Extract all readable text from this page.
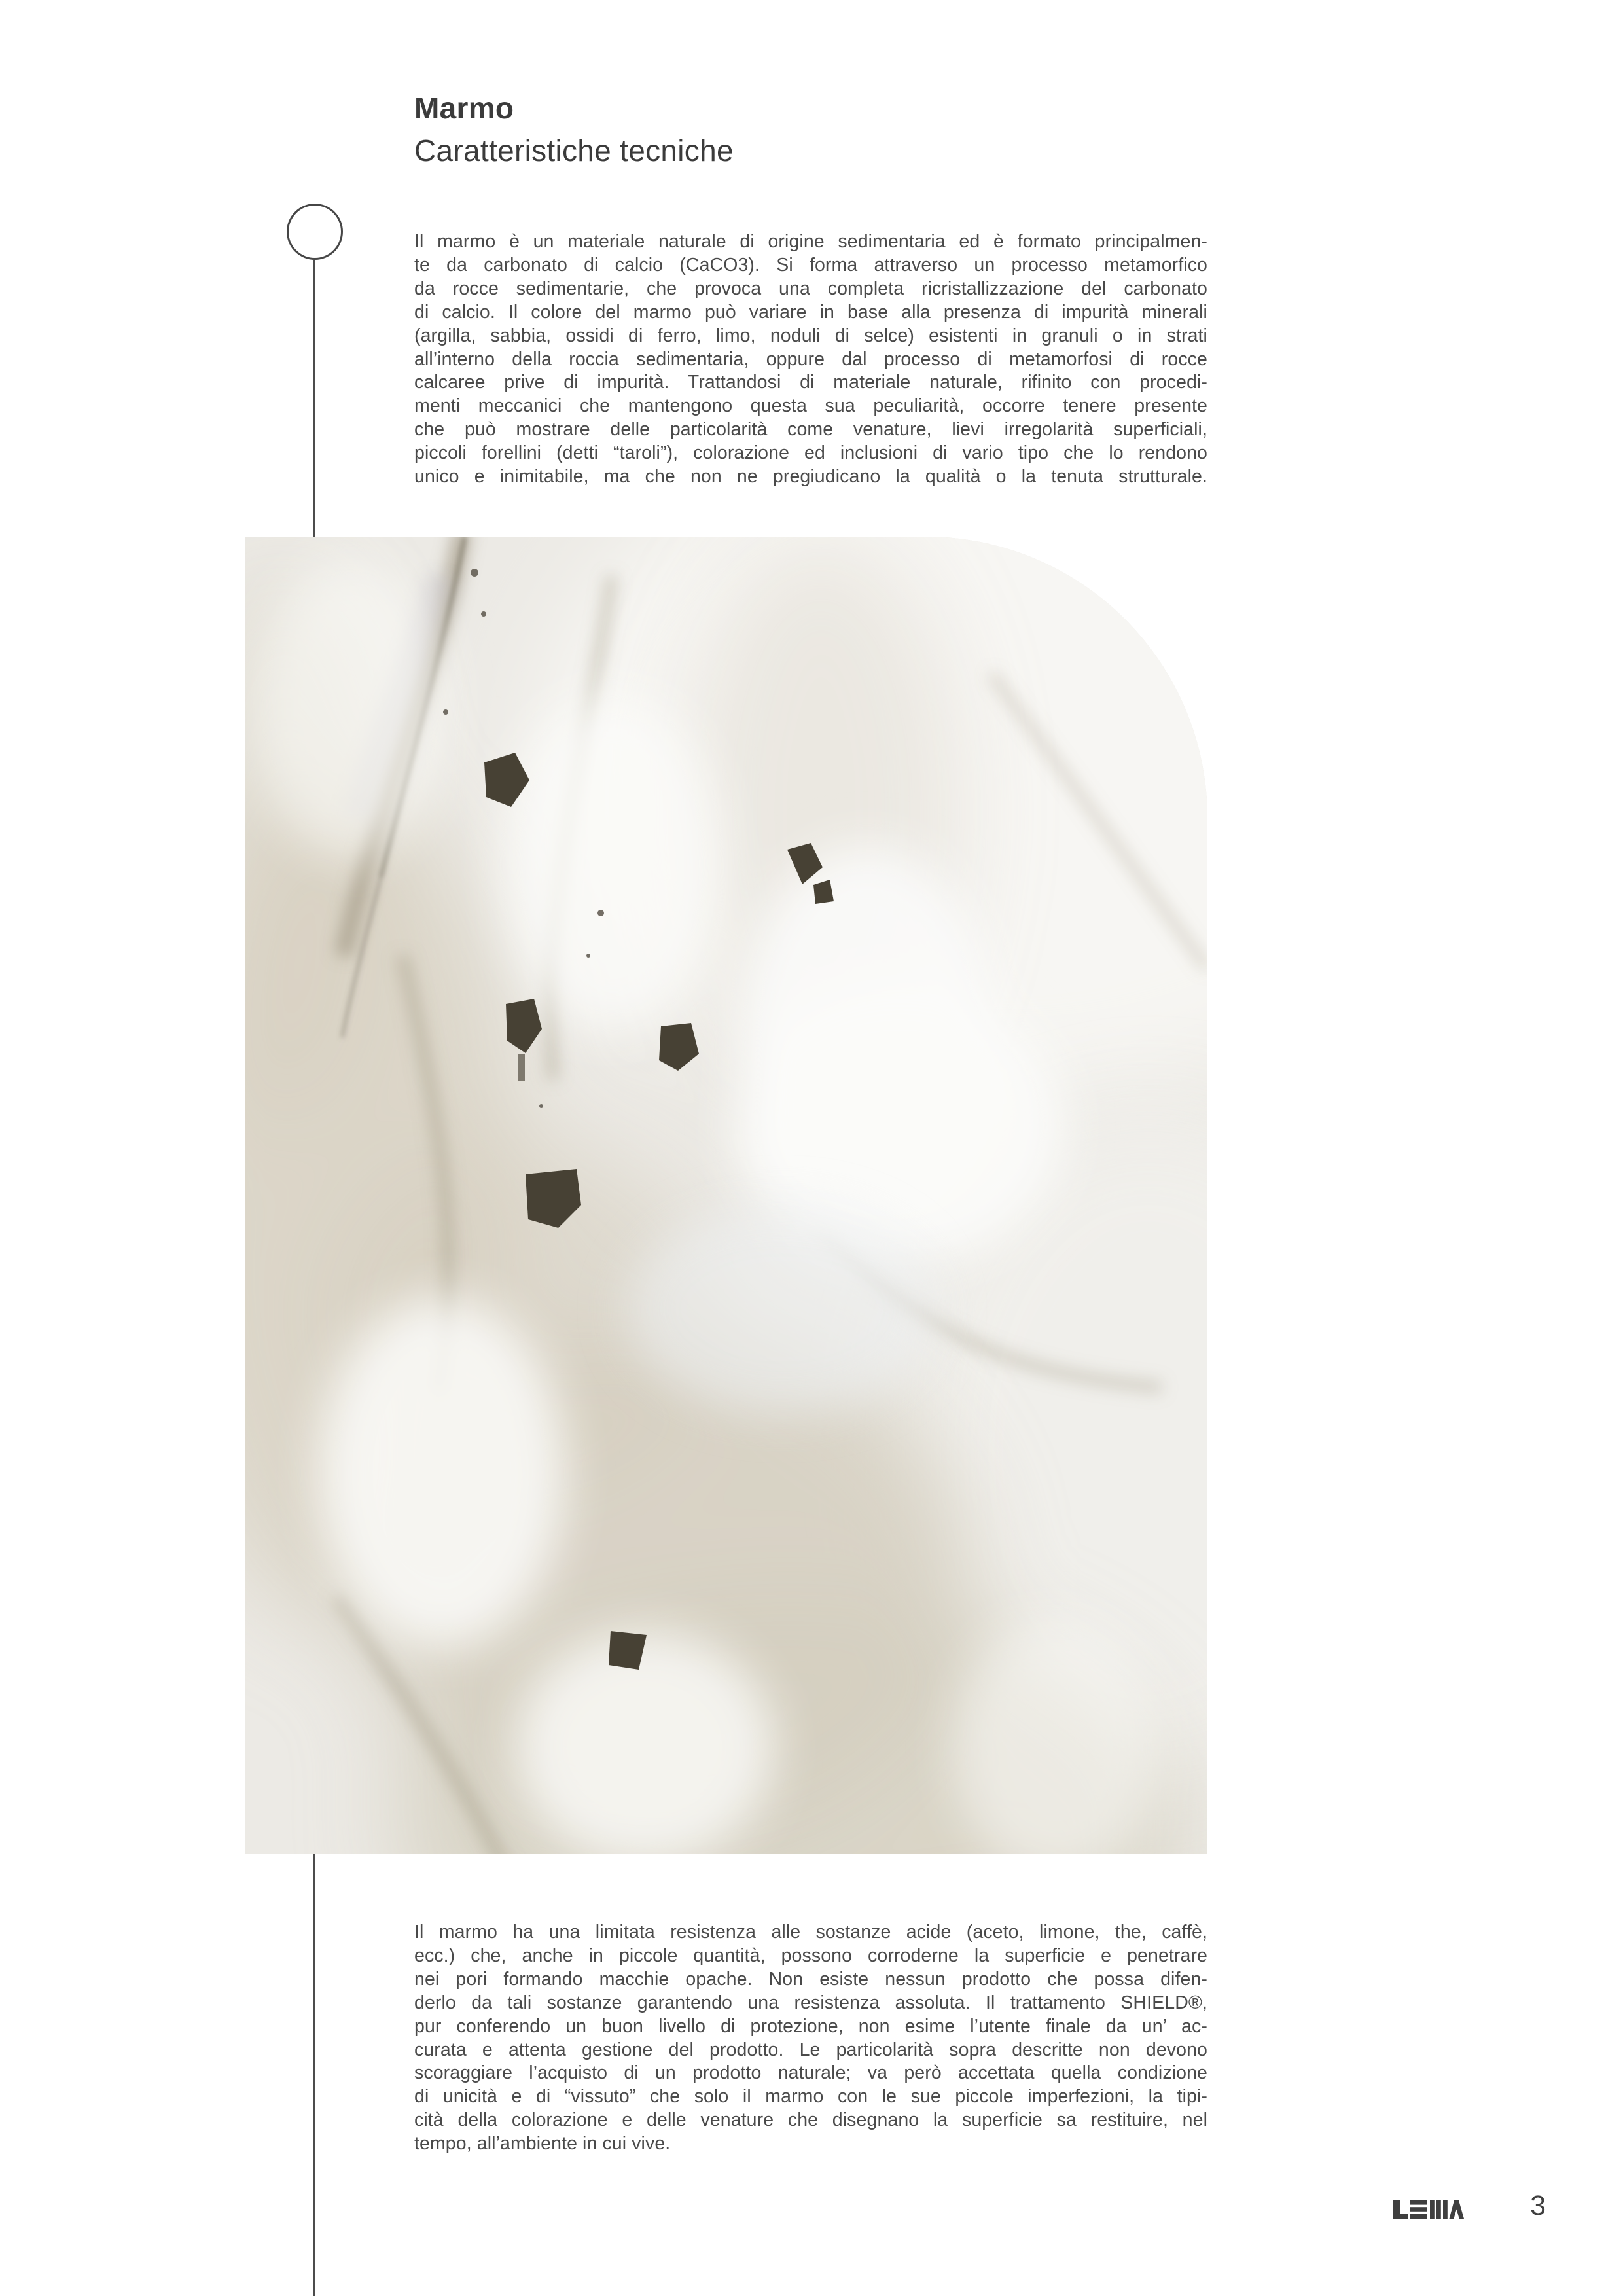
Marmo
Caratteristiche tecniche
Il marmo è un materiale naturale di origine sedimentaria ed è formato principalmen-
te da carbonato di calcio (CaCO3). Si forma attraverso un processo metamorfico
da rocce sedimentarie, che provoca una completa ricristallizzazione del carbonato
di calcio. Il colore del marmo può variare in base alla presenza di impurità minerali
(argilla, sabbia, ossidi di ferro, limo, noduli di selce) esistenti in granuli o in strati
all’interno della roccia sedimentaria, oppure dal processo di metamorfosi di rocce
calcaree prive di impurità. Trattandosi di materiale naturale, rifinito con procedi-
menti meccanici che mantengono questa sua peculiarità, occorre tenere presente
che può mostrare delle particolarità come venature, lievi irregolarità superficiali,
piccoli forellini (detti “taroli”), colorazione ed inclusioni di vario tipo che lo rendono
unico e inimitabile, ma che non ne pregiudicano la qualità o la tenuta strutturale.
Il marmo ha una limitata resistenza alle sostanze acide (aceto, limone, the, caffè,
ecc.) che, anche in piccole quantità, possono corroderne la superficie e penetrare
nei pori formando macchie opache. Non esiste nessun prodotto che possa difen-
derlo da tali sostanze garantendo una resistenza assoluta. Il trattamento SHIELD®,
pur conferendo un buon livello di protezione, non esime l’utente finale da un’ ac-
curata e attenta gestione del prodotto. Le particolarità sopra descritte non devono
scoraggiare l’acquisto di un prodotto naturale; va però accettata quella condizione
di unicità e di “vissuto” che solo il marmo con le sue piccole imperfezioni, la tipi-
cità della colorazione e delle venature che disegnano la superficie sa restituire, nel
tempo, all’ambiente in cui vive.
3
